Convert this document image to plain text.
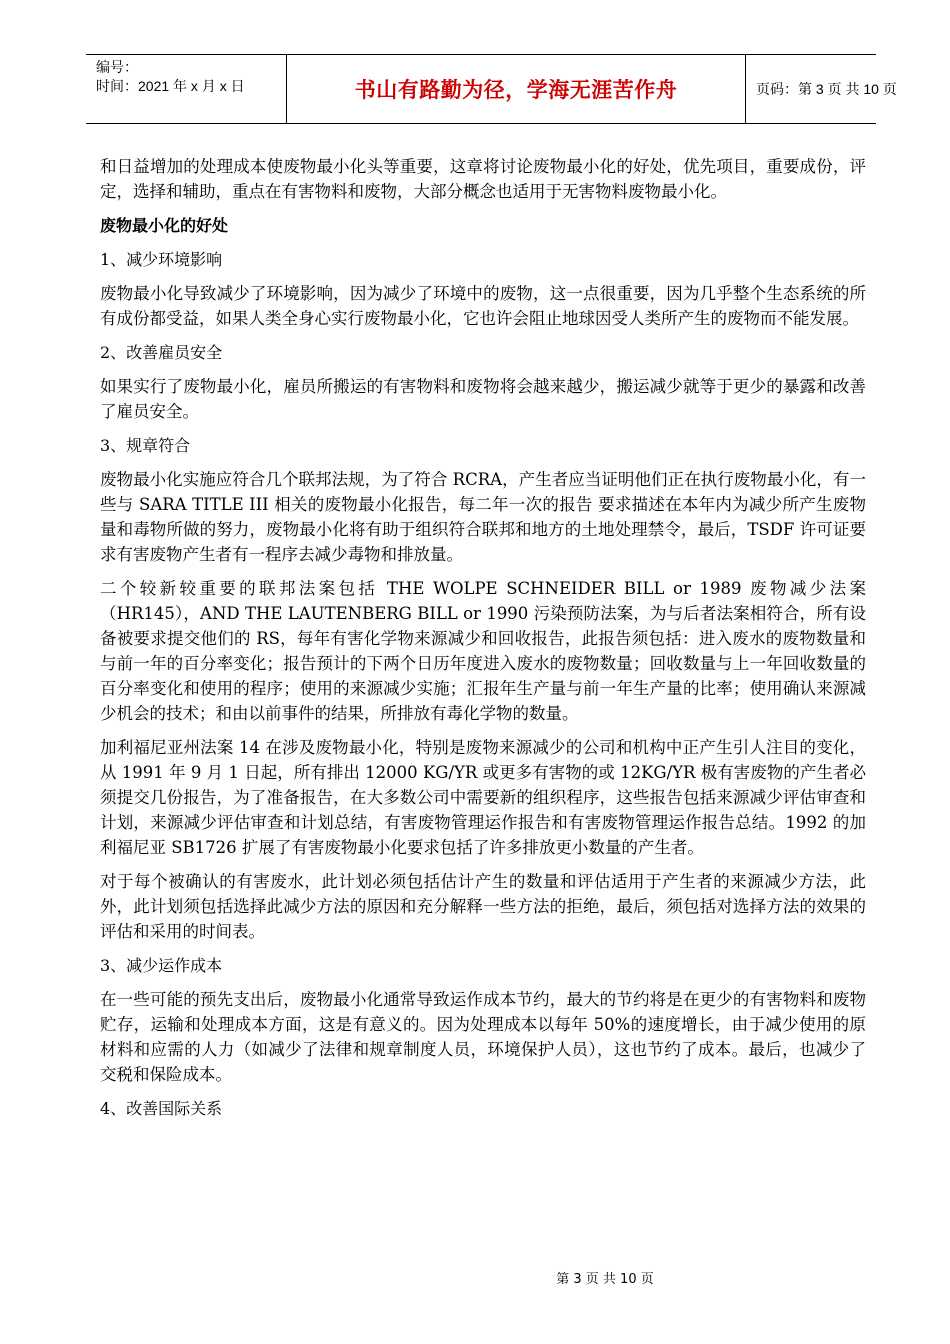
编号：
时间：2021 年 x 月 x 日	书山有路勤为径，学海无涯苦作舟	页码：第 3 页 共 10 页

和日益增加的处理成本使废物最小化头等重要，这章将讨论废物最小化的好处，优先项目，重要成份，评定，选择和辅助，重点在有害物料和废物，大部分概念也适用于无害物料废物最小化。

废物最小化的好处

1、减少环境影响

废物最小化导致减少了环境影响，因为减少了环境中的废物，这一点很重要，因为几乎整个生态系统的所有成份都受益，如果人类全身心实行废物最小化，它也许会阻止地球因受人类所产生的废物而不能发展。

2、改善雇员安全

如果实行了废物最小化，雇员所搬运的有害物料和废物将会越来越少，搬运减少就等于更少的暴露和改善了雇员安全。

3、规章符合

废物最小化实施应符合几个联邦法规，为了符合 RCRA，产生者应当证明他们正在执行废物最小化，有一些与 SARA TITLE III 相关的废物最小化报告，每二年一次的报告 要求描述在本年内为减少所产生废物量和毒物所做的努力，废物最小化将有助于组织符合联邦和地方的土地处理禁令，最后，TSDF 许可证要求有害废物产生者有一程序去减少毒物和排放量。

二个较新较重要的联邦法案包括 THE WOLPE SCHNEIDER BILL or 1989 废物减少法案（HR145），AND THE LAUTENBERG BILL or 1990 污染预防法案，为与后者法案相符合，所有设备被要求提交他们的 RS，每年有害化学物来源减少和回收报告，此报告须包括：进入废水的废物数量和与前一年的百分率变化；报告预计的下两个日历年度进入废水的废物数量；回收数量与上一年回收数量的百分率变化和使用的程序；使用的来源减少实施；汇报年生产量与前一年生产量的比率；使用确认来源减少机会的技术；和由以前事件的结果，所排放有毒化学物的数量。

加利福尼亚州法案 14 在涉及废物最小化，特别是废物来源减少的公司和机构中正产生引人注目的变化，从 1991 年 9 月 1 日起，所有排出 12000 KG/YR 或更多有害物的或 12KG/YR 极有害废物的产生者必须提交几份报告，为了准备报告，在大多数公司中需要新的组织程序，这些报告包括来源减少评估审查和计划，来源减少评估审查和计划总结，有害废物管理运作报告和有害废物管理运作报告总结。1992 的加利福尼亚 SB1726 扩展了有害废物最小化要求包括了许多排放更小数量的产生者。

对于每个被确认的有害废水，此计划必须包括估计产生的数量和评估适用于产生者的来源减少方法，此外，此计划须包括选择此减少方法的原因和充分解释一些方法的拒绝，最后，须包括对选择方法的效果的评估和采用的时间表。

3、减少运作成本

在一些可能的预先支出后，废物最小化通常导致运作成本节约，最大的节约将是在更少的有害物料和废物贮存，运输和处理成本方面，这是有意义的。因为处理成本以每年 50%的速度增长，由于减少使用的原材料和应需的人力（如减少了法律和规章制度人员，环境保护人员），这也节约了成本。最后，也减少了交税和保险成本。

4、改善国际关系

第 3 页 共 10 页
